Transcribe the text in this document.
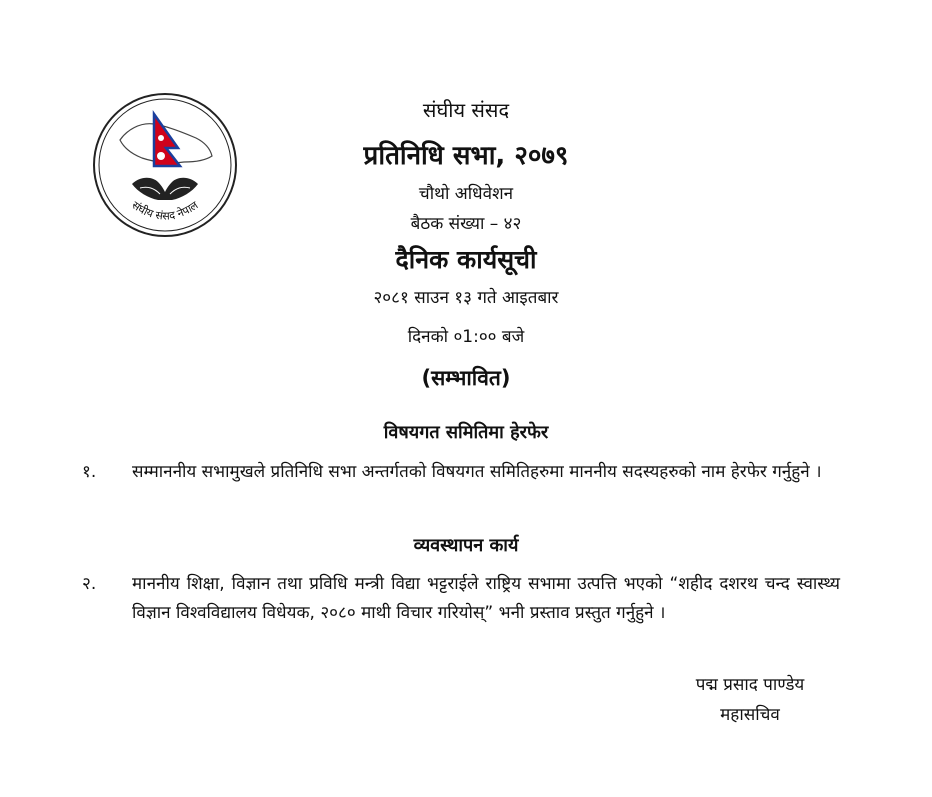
संघीय संसद नेपाल
संघीय संसद
प्रतिनिधि सभा, २०७९
चौथो अधिवेशन
बैठक संख्या – ४२
दैनिक कार्यसूची
२०८१ साउन १३ गते आइतबार
दिनको ०1:०० बजे
(सम्भावित)
विषयगत समितिमा हेरफेर
१.	सम्माननीय सभामुखले प्रतिनिधि सभा अन्तर्गतको विषयगत समितिहरुमा माननीय सदस्यहरुको नाम हेरफेर गर्नुहुने ।
व्यवस्थापन कार्य
२.	माननीय शिक्षा, विज्ञान तथा प्रविधि मन्त्री विद्या भट्टराईले राष्ट्रिय सभामा उत्पत्ति भएको “शहीद दशरथ चन्द स्वास्थ्य विज्ञान विश्वविद्यालय विधेयक, २०८० माथी विचार गरियोस्” भनी प्रस्ताव प्रस्तुत गर्नुहुने ।
पद्म प्रसाद पाण्डेय
महासचिव
